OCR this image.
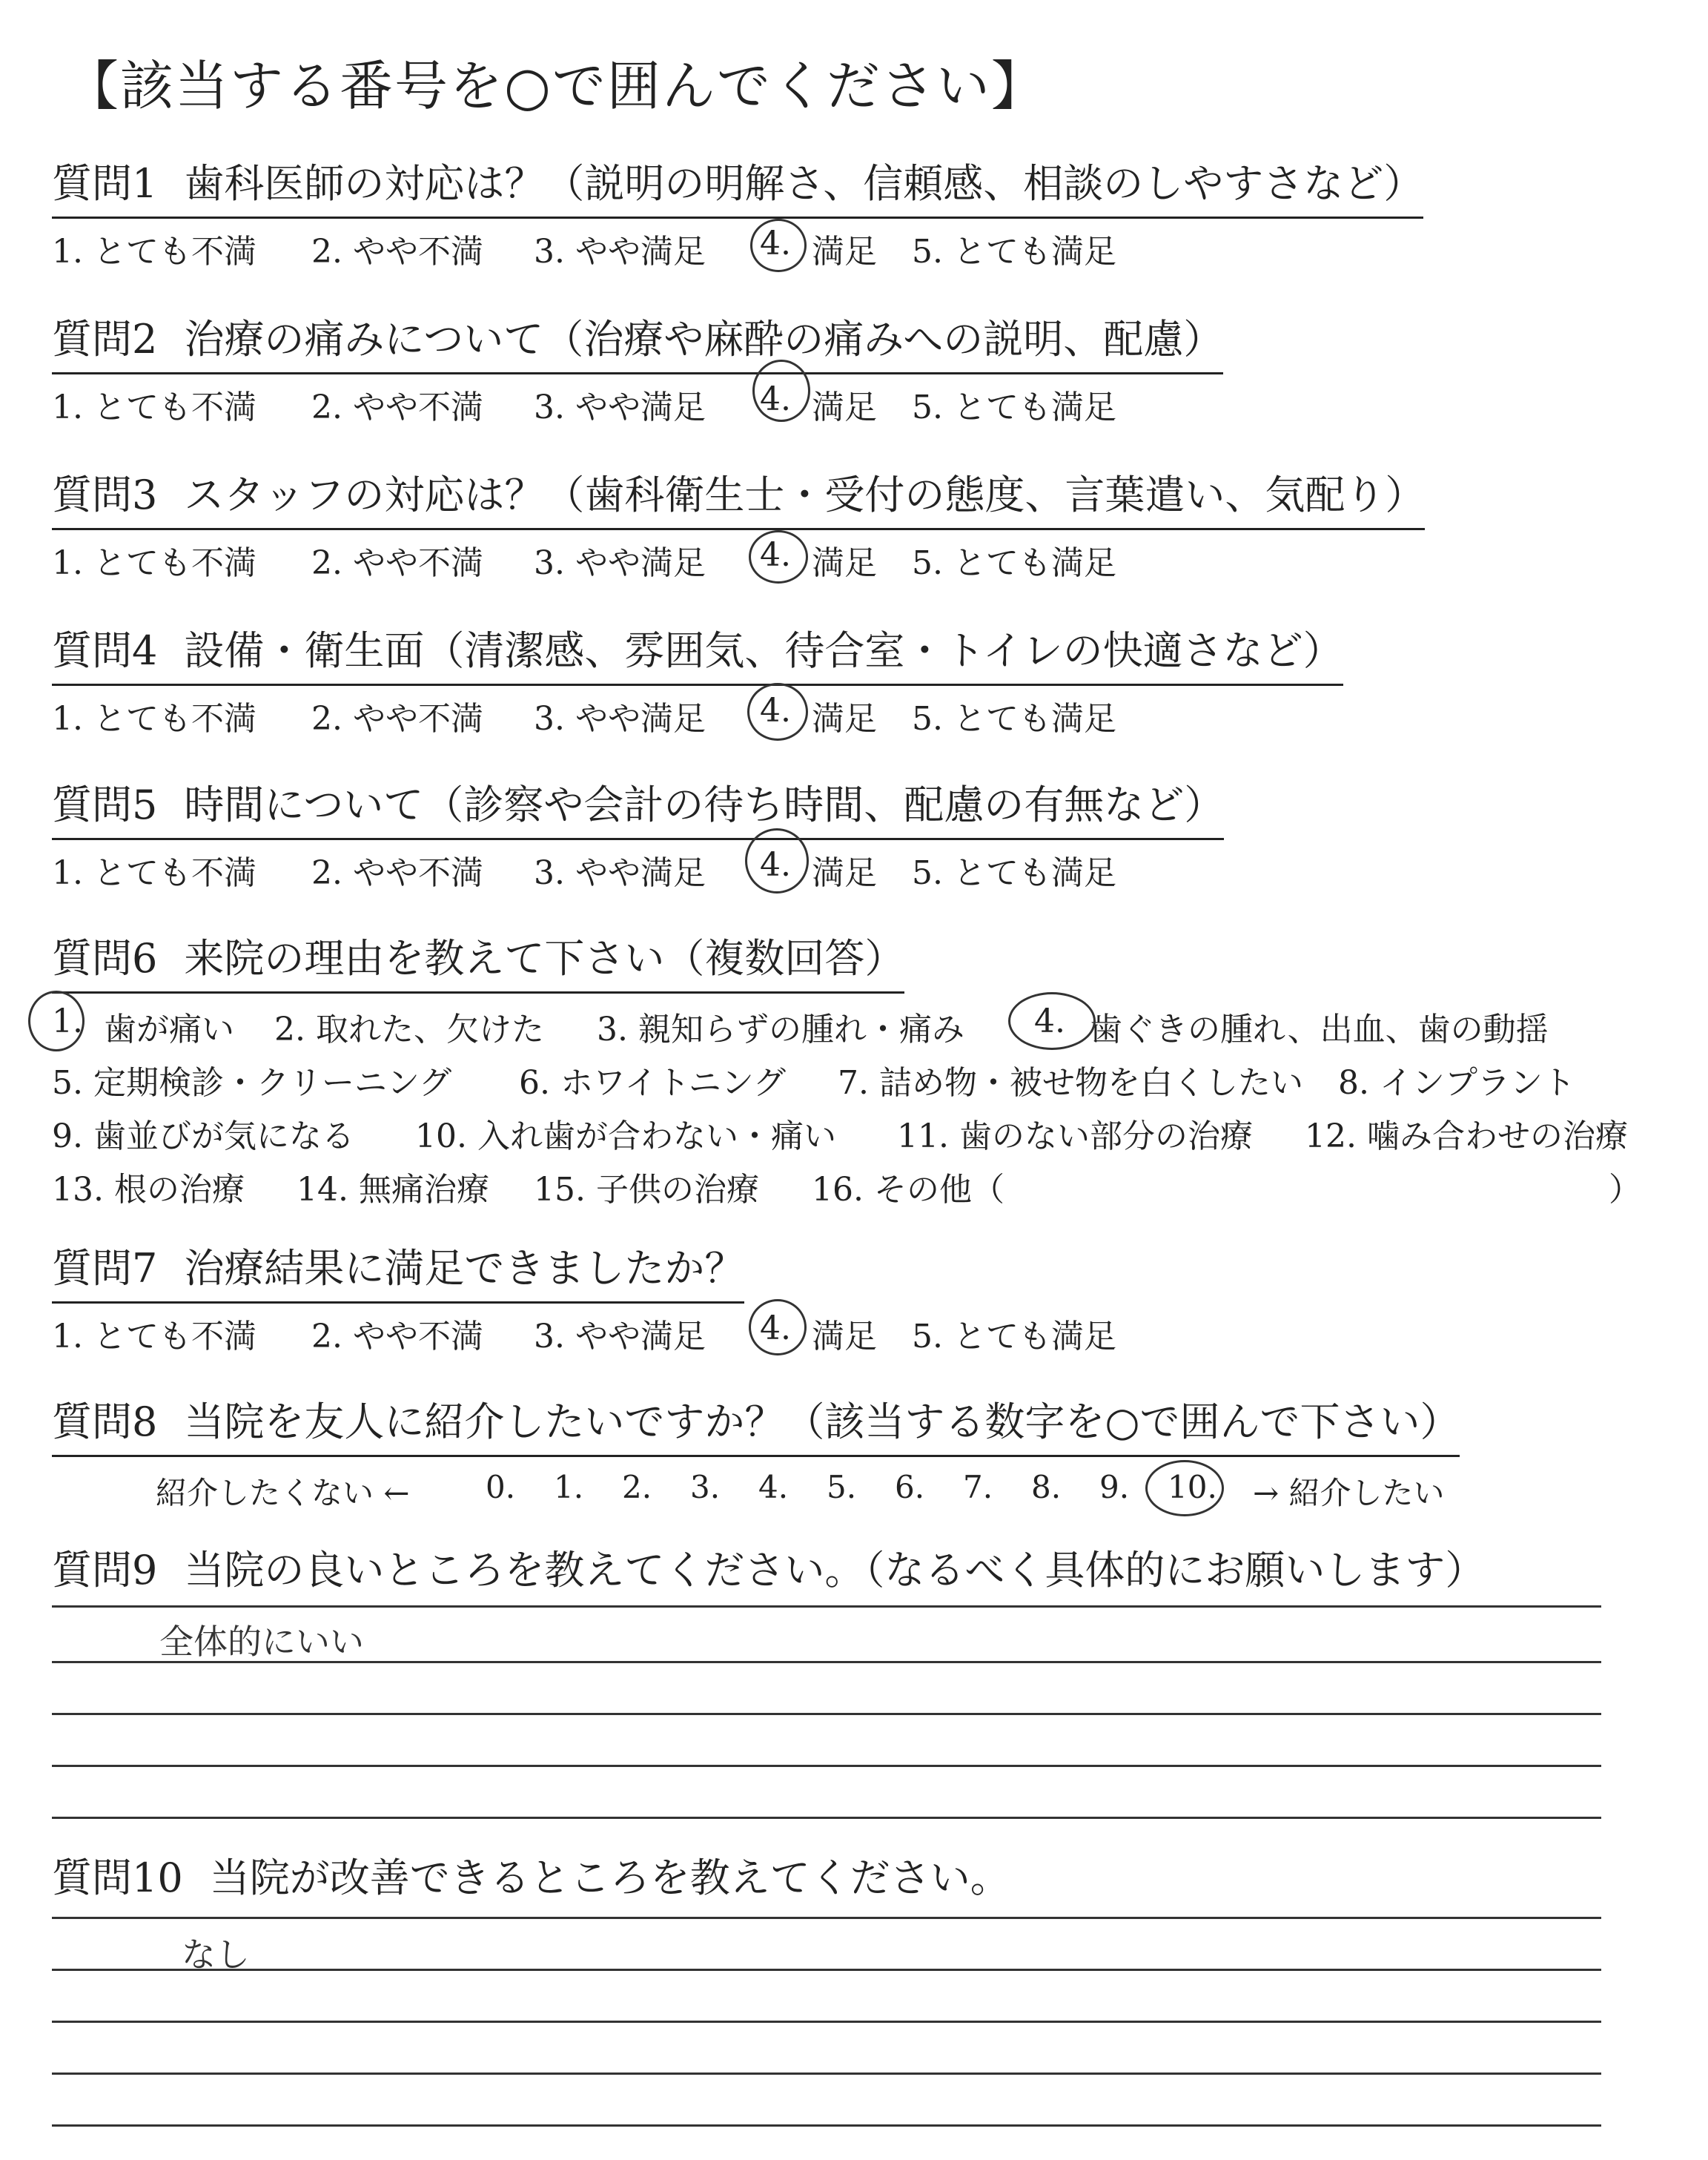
【該当する番号を○で囲んでください】
質問1 歯科医師の対応は？（説明の明解さ、信頼感、相談のしやすさなど）
1. とても不満 2. やや不満 3. やや満足 4. 満足 5. とても満足
質問2 治療の痛みについて（治療や麻酔の痛みへの説明、配慮）
1. とても不満 2. やや不満 3. やや満足 4. 満足 5. とても満足
質問3 スタッフの対応は？（歯科衛生士・受付の態度、言葉遣い、気配り）
1. とても不満 2. やや不満 3. やや満足 4. 満足 5. とても満足
質問4 設備・衛生面（清潔感、雰囲気、待合室・トイレの快適さなど）
1. とても不満 2. やや不満 3. やや満足 4. 満足 5. とても満足
質問5 時間について（診察や会計の待ち時間、配慮の有無など）
1. とても不満 2. やや不満 3. やや満足 4. 満足 5. とても満足
質問6 来院の理由を教えて下さい（複数回答）
1. 歯が痛い 2. 取れた、欠けた 3. 親知らずの腫れ・痛み 4. 歯ぐきの腫れ、出血、歯の動揺
5. 定期検診・クリーニング 6. ホワイトニング 7. 詰め物・被せ物を白くしたい 8. インプラント
9. 歯並びが気になる 10. 入れ歯が合わない・痛い 11. 歯のない部分の治療 12. 噛み合わせの治療
13. 根の治療 14. 無痛治療 15. 子供の治療 16. その他（	）
質問7 治療結果に満足できましたか？
1. とても不満 2. やや不満 3. やや満足 4. 満足 5. とても満足
質問8 当院を友人に紹介したいですか？（該当する数字を○で囲んで下さい）
紹介したくない ← 0. 1. 2. 3. 4. 5. 6. 7. 8. 9. 10. → 紹介したい
質問9 当院の良いところを教えてください。（なるべく具体的にお願いします）
全体的にいい
質問10 当院が改善できるところを教えてください。
なし
